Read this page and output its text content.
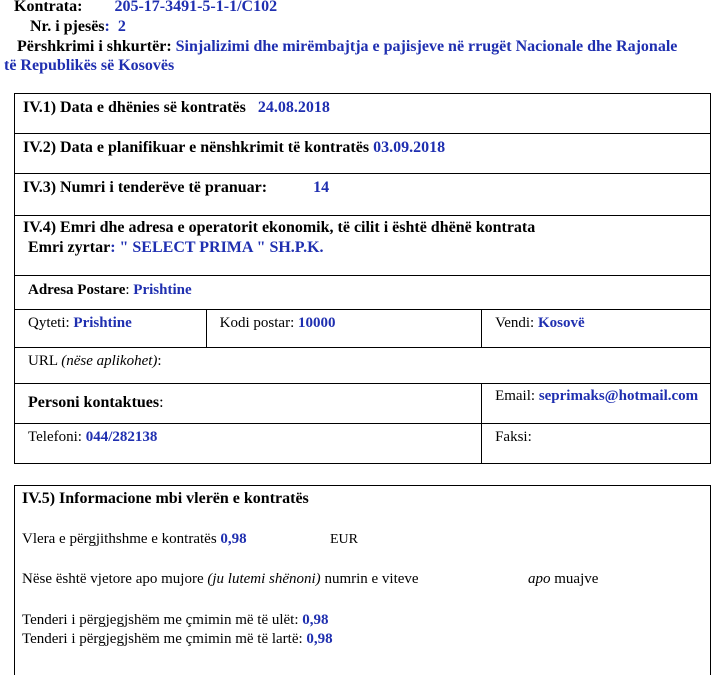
Kontrata: 205-17-3491-5-1-1/C102
Nr. i pjesës: 2
Përshkrimi i shkurtër: Sinjalizimi dhe mirëmbajtja e pajisjeve në rrugët Nacionale dhe Rajonale
të Republikës së Kosovës
IV.1) Data e dhënies së kontratës 24.08.2018		

IV.2) Data e planifikuar e nënshkrimit të kontratës 03.09.2018		

IV.3) Numri i tenderëve të pranuar: 14		

IV.4) Emri dhe adresa e operatorit ekonomik, të cilit i është dhënë kontrata
Emri zyrtar: " SELECT PRIMA " SH.P.K.		

Adresa Postare: Prishtine		

Qyteti: Prishtine	Kodi postar: 10000	Vendi: Kosovë

URL (nëse aplikohet):		

Personi kontaktues:		Email: seprimaks@hotmail.com

Telefoni: 044/282138		Faksi:
IV.5) Informacione mbi vlerën e kontratës
Vlera e përgjithshme e kontratës 0,98	EUR
Nëse është vjetore apo mujore (ju lutemi shënoni) numrin e viteve	apo muajve
Tenderi i përgjegjshëm me çmimin më të ulët: 0,98
Tenderi i përgjegjshëm me çmimin më të lartë: 0,98
